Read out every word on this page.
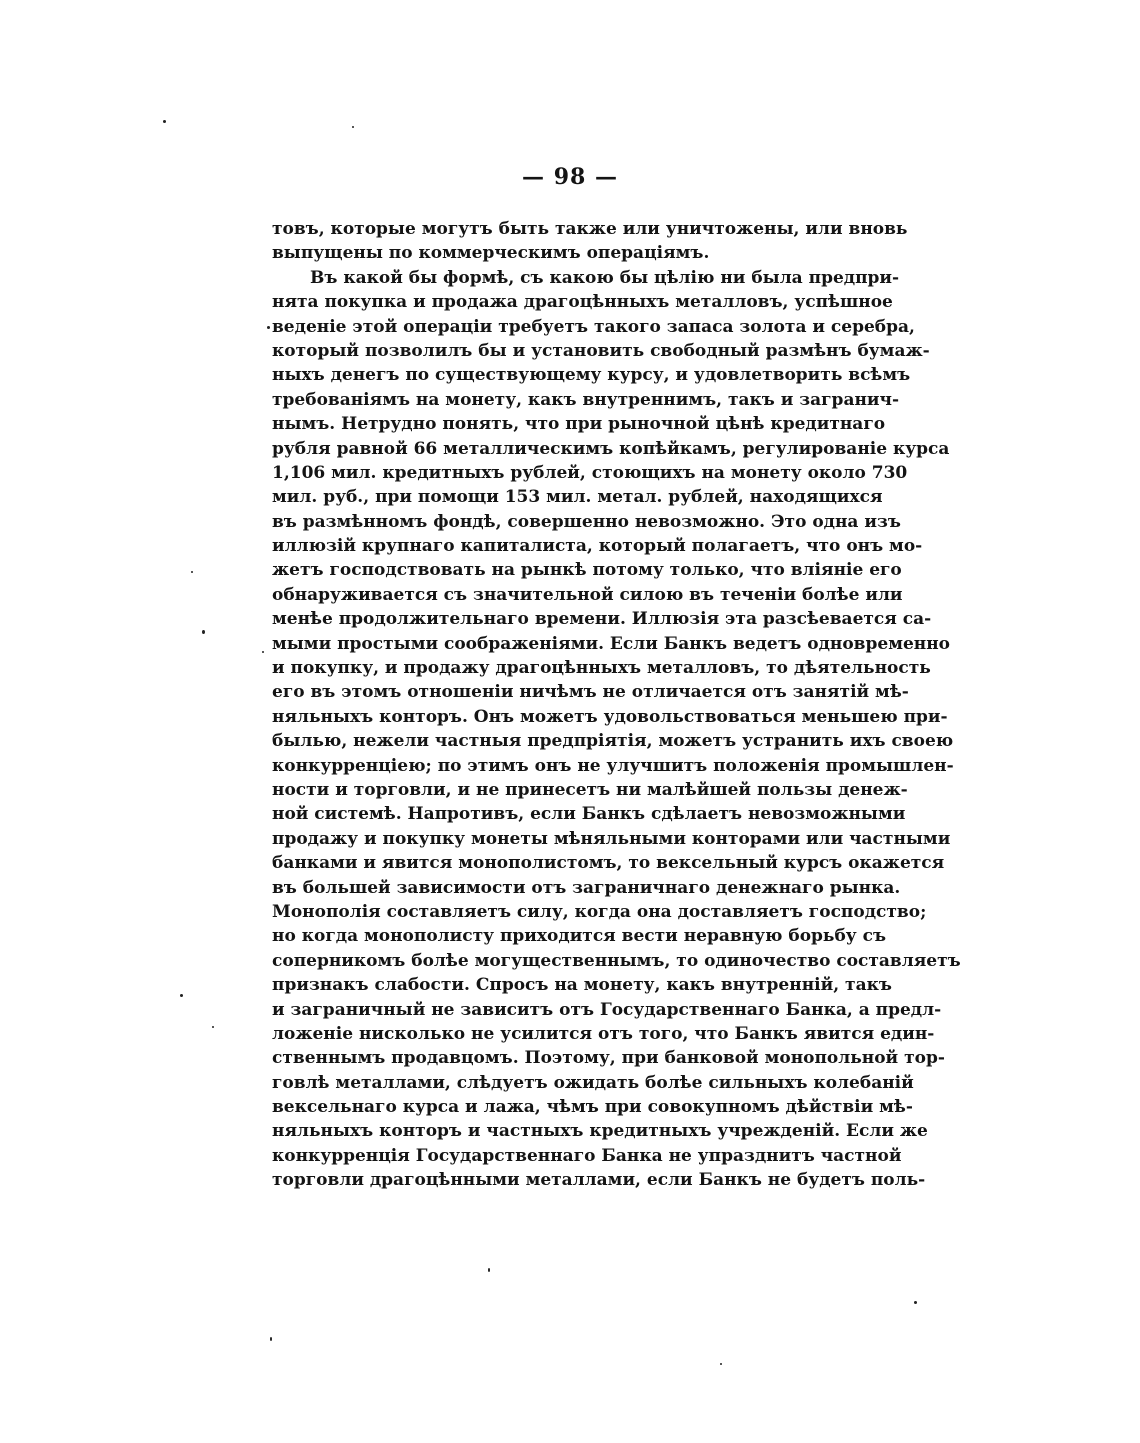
— 98 —
товъ, которые могутъ быть также или уничтожены, или вновь
выпущены по коммерческимъ операціямъ.
Въ какой бы формѣ, съ какою бы цѣлію ни была предпри-
нята покупка и продажа драгоцѣнныхъ металловъ, успѣшное
веденіе этой операціи требуетъ такого запаса золота и серебра,
который позволилъ бы и установить свободный размѣнъ бумаж-
ныхъ денегъ по существующему курсу, и удовлетворить всѣмъ
требованіямъ на монету, какъ внутреннимъ, такъ и загранич-
нымъ. Нетрудно понять, что при рыночной цѣнѣ кредитнаго
рубля равной 66 металлическимъ копѣйкамъ, регулированіе курса
1,106 мил. кредитныхъ рублей, стоющихъ на монету около 730
мил. руб., при помощи 153 мил. метал. рублей, находящихся
въ размѣнномъ фондѣ, совершенно невозможно. Это одна изъ
иллюзій крупнаго капиталиста, который полагаетъ, что онъ мо-
жетъ господствовать на рынкѣ потому только, что вліяніе его
обнаруживается съ значительной силою въ теченіи болѣе или
менѣе продолжительнаго времени. Иллюзія эта разсѣевается са-
мыми простыми соображеніями. Если Банкъ ведетъ одновременно
и покупку, и продажу драгоцѣнныхъ металловъ, то дѣятельность
его въ этомъ отношеніи ничѣмъ не отличается отъ занятій мѣ-
няльныхъ конторъ. Онъ можетъ удовольствоваться меньшею при-
былью, нежели частныя предпріятія, можетъ устранить ихъ своею
конкурренціею; по этимъ онъ не улучшитъ положенія промышлен-
ности и торговли, и не принесетъ ни малѣйшей пользы денеж-
ной системѣ. Напротивъ, если Банкъ сдѣлаетъ невозможными
продажу и покупку монеты мѣняльными конторами или частными
банками и явится монополистомъ, то вексельный курсъ окажется
въ большей зависимости отъ заграничнаго денежнаго рынка.
Монополія составляетъ силу, когда она доставляетъ господство;
но когда монополисту приходится вести неравную борьбу съ
соперникомъ болѣе могущественнымъ, то одиночество составляетъ
признакъ слабости. Спросъ на монету, какъ внутренній, такъ
и заграничный не зависитъ отъ Государственнаго Банка, а предл-
ложеніе нисколько не усилится отъ того, что Банкъ явится един-
ственнымъ продавцомъ. Поэтому, при банковой монопольной тор-
говлѣ металлами, слѣдуетъ ожидать болѣе сильныхъ колебаній
вексельнаго курса и лажа, чѣмъ при совокупномъ дѣйствіи мѣ-
няльныхъ конторъ и частныхъ кредитныхъ учрежденій. Если же
конкурренція Государственнаго Банка не упразднитъ частной
торговли драгоцѣнными металлами, если Банкъ не будетъ поль-
